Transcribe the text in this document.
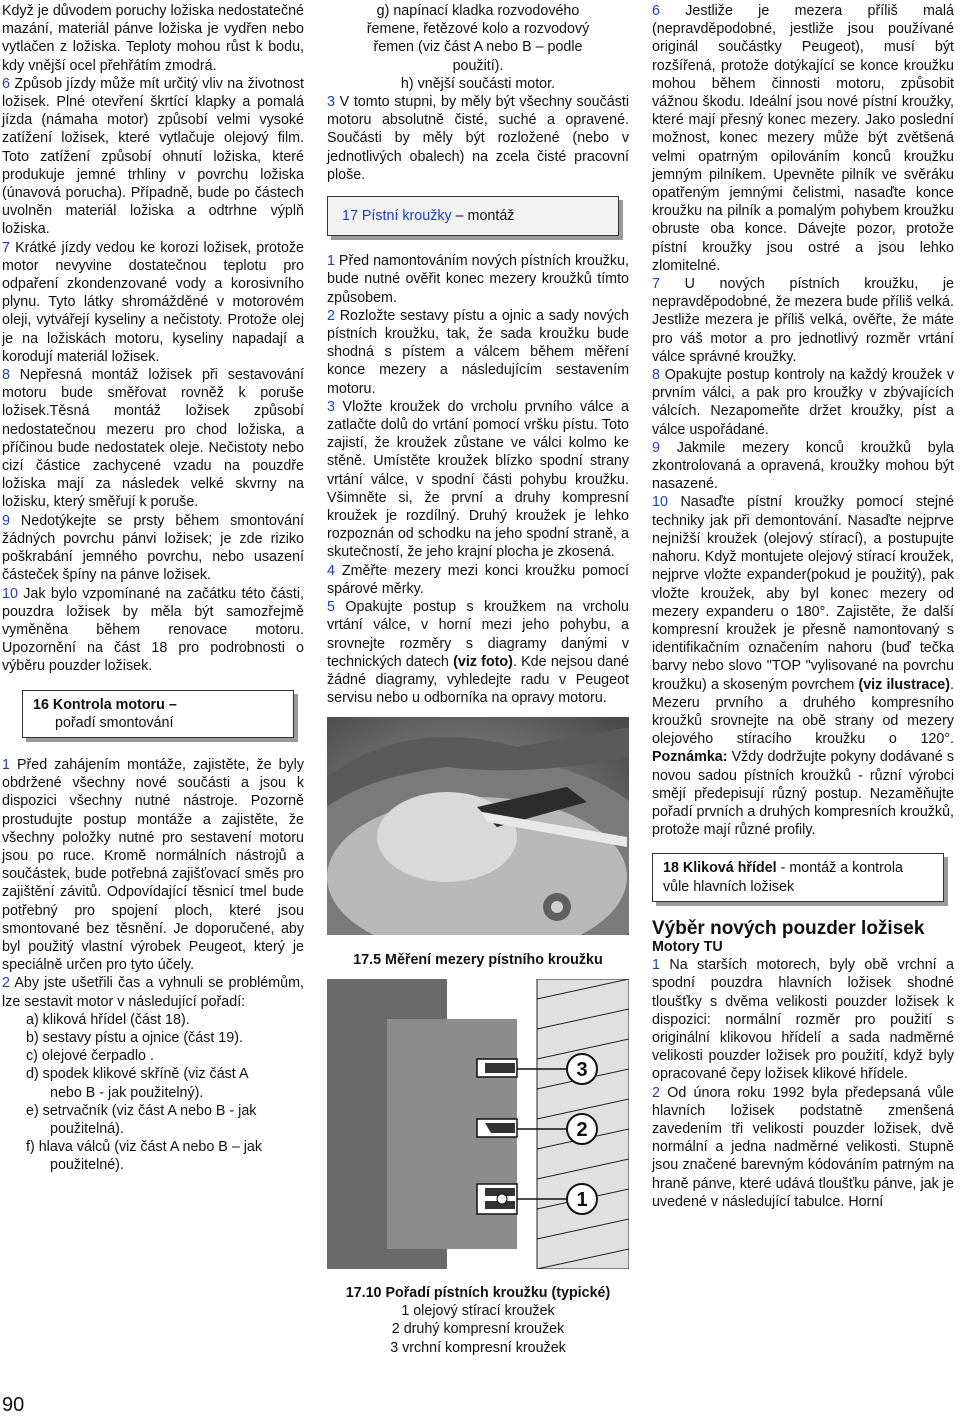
Když je důvodem poruchy ložiska nedostatečné mazání, materiál pánve ložiska je vydřen nebo vytlačen z ložiska. Teploty mohou růst k bodu, kdy vnější ocel přehřátím zmodrá.

6 Způsob jízdy může mít určitý vliv na životnost ložisek. Plné otevření škrtící klapky a pomalá jízda (námaha motor) způsobí velmi vysoké zatížení ložisek, které vytlačuje olejový film. Toto zatížení způsobí ohnutí ložiska, které produkuje jemné trhliny v povrchu ložiska (únavová porucha). Případně, bude po částech uvolněn materiál ložiska a odtrhne výplň ložiska.

7 Krátké jízdy vedou ke korozi ložisek, protože motor nevyvine dostatečnou teplotu pro odpaření zkondenzované vody a korosivního plynu. Tyto látky shromážděné v motorovém oleji, vytvářejí kyseliny a nečistoty. Protože olej je na ložiskách motoru, kyseliny napadají a korodují materiál ložisek.

8 Nepřesná montáž ložisek při sestavování motoru bude směřovat rovněž k poruše ložisek.Těsná montáž ložisek způsobí nedostatečnou mezeru pro chod ložiska, a příčinou bude nedostatek oleje. Nečistoty nebo cizí částice zachycené vzadu na pouzdře ložiska mají za následek velké skvrny na ložisku, který směřují k poruše.

9 Nedotýkejte se prsty během smontování žádných povrchu pánvi ložisek; je zde riziko poškrabání jemného povrchu, nebo usazení částeček špíny na pánve ložisek.

10 Jak bylo vzpomínané na začátku této části, pouzdra ložisek by měla být samozřejmě vyměněna během renovace motoru. Upozornění na část 18 pro podrobnosti o výběru pouzder ložisek.

16 Kontrola motoru –
pořadí smontování

1 Před zahájením montáže, zajistěte, že byly obdržené všechny nové součásti a jsou k dispozici všechny nutné nástroje. Pozorně prostudujte postup montáže a zajistěte, že všechny položky nutné pro sestavení motoru jsou po ruce. Kromě normálních nástrojů a součástek, bude potřebná zajišťovací směs pro zajištění závitů. Odpovídající těsnicí tmel bude potřebný pro spojení ploch, které jsou smontované bez těsnění. Je doporučené, aby byl použitý vlastní výrobek Peugeot, který je speciálně určen pro tyto účely.

2 Aby jste ušetřili čas a vyhnuli se problémům, lze sestavit motor v následující pořadí:

a) kliková hřídel (část 18).
b) sestavy pístu a ojnice (část 19).
c) olejové čerpadlo .
d) spodek klikové skříně (viz část A
nebo B - jak použitelný).
e) setrvačník (viz část A nebo B - jak
použitelná).
f) hlava válců (viz část A nebo B – jak
použitelné).
g) napínací kladka rozvodového
řemene, řetězové kolo a rozvodový
řemen (viz část A nebo B – podle
použití).
h) vnější součásti motor.

3 V tomto stupni, by měly být všechny součásti motoru absolutně čisté, suché a opravené. Součásti by měly být rozložené (nebo v jednotlivých obalech) na zcela čisté pracovní ploše.

17 Pístní kroužky – montáž

1 Před namontováním nových pístních kroužku, bude nutné ověřit konec mezery kroužků tímto způsobem.

2 Rozložte sestavy pístu a ojnic a sady nových pístních kroužku, tak, že sada kroužku bude shodná s pístem a válcem během měření konce mezery a následujícím sestavením motoru.

3 Vložte kroužek do vrcholu prvního válce a zatlačte dolů do vrtání pomocí vršku pístu. Toto zajistí, že kroužek zůstane ve válci kolmo ke stěně. Umístěte kroužek blízko spodní strany vrtání válce, v spodní části pohybu kroužku. Všimněte si, že první a druhy kompresní kroužek je rozdílný. Druhý kroužek je lehko rozpoznán od schodku na jeho spodní straně, a skutečností, že jeho krajní plocha je zkosená.

4 Změřte mezery mezi konci kroužku pomocí spárové měrky.

5 Opakujte postup s kroužkem na vrcholu vrtání válce, v horní mezi jeho pohybu, a srovnejte rozměry s diagramy danými v technických datech (viz foto). Kde nejsou dané žádné diagramy, vyhledejte radu v Peugeot servisu nebo u odborníka na opravy motoru.

17.5 Měření mezery pístního kroužku
3
2
1
17.10 Pořadí pístních kroužku (typické)
1 olejový stírací kroužek
2 druhý kompresní kroužek
3 vrchní kompresní kroužek

6 Jestliže je mezera příliš malá (nepravděpodobné, jestliže jsou používané originál součástky Peugeot), musí být rozšířená, protože dotýkající se konce kroužku mohou během činnosti motoru, způsobit vážnou škodu. Ideální jsou nové pístní kroužky, které mají přesný konec mezery. Jako poslední možnost, konec mezery může být zvětšená velmi opatrným opilováním konců kroužku jemným pilníkem. Upevněte pilník ve svěráku opatřeným jemnými čelistmi, nasaďte konce kroužku na pilník a pomalým pohybem kroužku obruste oba konce. Dávejte pozor, protože pístní kroužky jsou ostré a jsou lehko zlomitelné.

7 U nových pístních kroužku, je nepravděpodobné, že mezera bude příliš velká. Jestliže mezera je příliš velká, ověřte, že máte pro váš motor a pro jednotlivý rozměr vrtání válce správné kroužky.

8 Opakujte postup kontroly na každý kroužek v prvním válci, a pak pro kroužky v zbývajících válcích. Nezapomeňte držet kroužky, píst a válce uspořádané.

9 Jakmile mezery konců kroužků byla zkontrolovaná a opravená, kroužky mohou být nasazené.

10 Nasaďte pístní kroužky pomocí stejné techniky jak při demontování. Nasaďte nejprve nejnižší kroužek (olejový stírací), a postupujte nahoru. Když montujete olejový stírací kroužek, nejprve vložte expander(pokud je použitý), pak vložte kroužek, aby byl konec mezery od mezery expanderu o 180°. Zajistěte, že další kompresní kroužek je přesně namontovaný s identifikačním označením nahoru (buď tečka barvy nebo slovo "TOP "vylisované na povrchu kroužku) a skoseným povrchem (viz ilustrace). Mezeru prvního a druhého kompresního kroužků srovnejte na obě strany od mezery olejového stíracího kroužku o 120°. Poznámka: Vždy dodržujte pokyny dodávané s novou sadou pístních kroužků - různí výrobci smějí předepisují různý postup. Nezaměňujte pořadí prvních a druhých kompresních kroužků, protože mají různé profily.

18 Kliková hřídel - montáž a kontrola vůle hlavních ložisek
Výběr nových pouzder ložisek
Motory TU

1 Na starších motorech, byly obě vrchní a spodní pouzdra hlavních ložisek shodné tloušťky s dvěma velikosti pouzder ložisek k dispozici: normální rozměr pro použití s originální klikovou hřídelí a sada nadměrné velikosti pouzder ložisek pro použití, když byly opracované čepy ložisek klikové hřídele.

2 Od února roku 1992 byla předepsaná vůle hlavních ložisek podstatně zmenšená zavedením tři velikosti pouzder ložisek, dvě normální a jedna nadměrné velikosti. Stupně jsou značené barevným kódováním patrným na hraně pánve, které udává tloušťku pánve, jak je uvedené v následující tabulce. Horní

90
